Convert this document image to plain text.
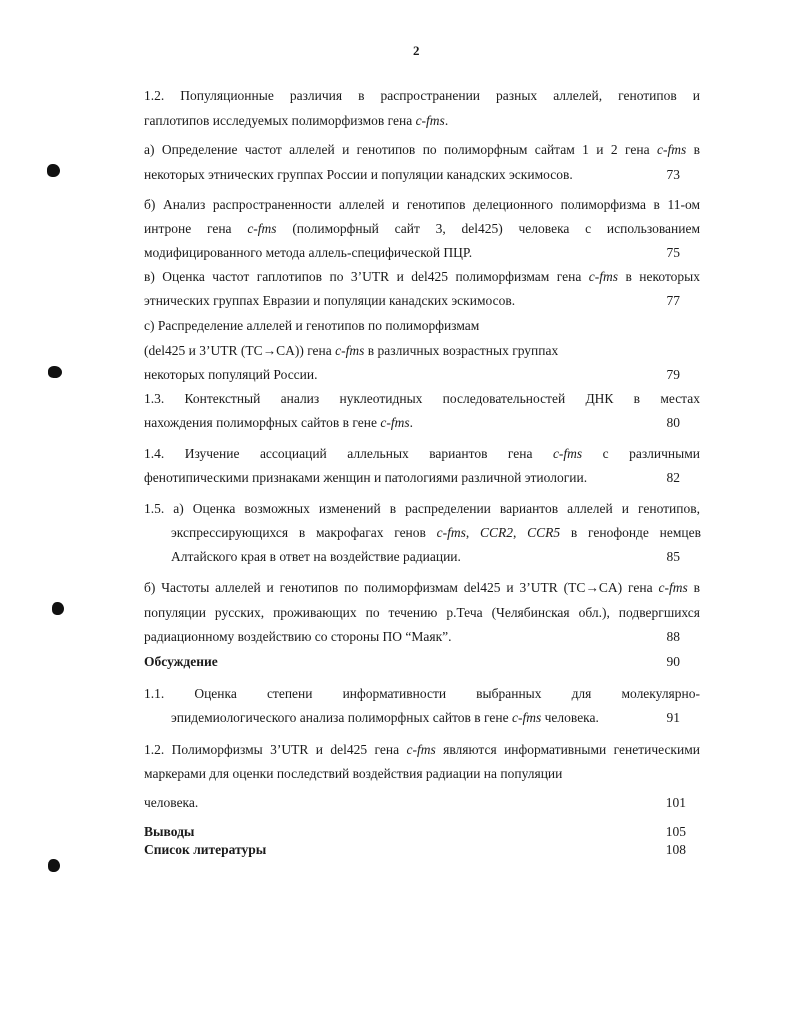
2
1.2. Популяционные различия в распространении разных аллелей, генотипов и
гаплотипов исследуемых полиморфизмов гена c-fms.
а) Определение частот аллелей и генотипов по полиморфным сайтам 1 и 2 гена c-fms в
некоторых этнических группах России и популяции канадских эскимосов.	73
б) Анализ распространенности аллелей и генотипов делеционного полиморфизма в 11-ом
интроне гена c-fms (полиморфный сайт 3, del425) человека с использованием
модифицированного метода аллель-специфической ПЦР.	75
в) Оценка частот гаплотипов по 3’UTR и del425 полиморфизмам гена c-fms в некоторых
этнических группах Евразии и популяции канадских эскимосов.	77
с) Распределение аллелей и генотипов по полиморфизмам
(del425 и 3’UTR (TC→CA)) гена c-fms в различных возрастных группах
некоторых популяций России.	79
1.3. Контекстный анализ нуклеотидных последовательностей ДНК в местах
нахождения полиморфных сайтов в гене c-fms.	80
1.4. Изучение ассоциаций аллельных вариантов гена c-fms с различными
фенотипическими признаками женщин и патологиями различной этиологии.	82
1.5. а) Оценка возможных изменений в распределении вариантов аллелей и генотипов,
экспрессирующихся в макрофагах генов c-fms, CCR2, CCR5 в генофонде немцев
Алтайского края в ответ на воздействие радиации.	85
б) Частоты аллелей и генотипов по полиморфизмам del425 и 3’UTR (TC→CA) гена c-fms в
популяции русских, проживающих по течению р.Теча (Челябинская обл.), подвергшихся
радиационному воздействию со стороны ПО “Маяк”.	88
Обсуждение	90
1.1. Оценка степени информативности выбранных для молекулярно-
эпидемиологического анализа полиморфных сайтов в гене c-fms человека.	91
1.2. Полиморфизмы 3’UTR и del425 гена c-fms являются информативными генетическими
маркерами для оценки последствий воздействия радиации на популяции
человека.	101
Выводы	105
Список литературы	108
